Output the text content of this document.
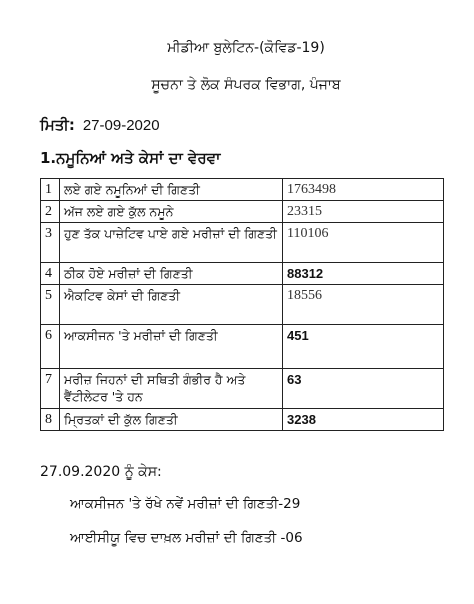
ਮੀਡੀਆ ਬੁਲੇਟਿਨ-(ਕੋਵਿਡ-19)
ਸੂਚਨਾ ਤੇ ਲੋਕ ਸੰਪਰਕ ਵਿਭਾਗ, ਪੰਜਾਬ
ਮਿਤੀ: 27-09-2020
1.ਨਮੂਨਿਆਂ ਅਤੇ ਕੇਸਾਂ ਦਾ ਵੇਰਵਾ
1	ਲਏ ਗਏ ਨਮੂਨਿਆਂ ਦੀ ਗਿਣਤੀ	1763498
2	ਅੱਜ ਲਏ ਗਏ ਕੁੱਲ ਨਮੂਨੇ	23315
3	ਹੁਣ ਤੱਕ ਪਾਜ਼ੇਟਿਵ ਪਾਏ ਗਏ ਮਰੀਜ਼ਾਂ ਦੀ ਗਿਣਤੀ	110106
4	ਠੀਕ ਹੋਏ ਮਰੀਜ਼ਾਂ ਦੀ ਗਿਣਤੀ	88312
5	ਐਕਟਿਵ ਕੇਸਾਂ ਦੀ ਗਿਣਤੀ	18556
6	ਆਕਸੀਜਨ 'ਤੇ ਮਰੀਜ਼ਾਂ ਦੀ ਗਿਣਤੀ	451
7	ਮਰੀਜ਼ ਜਿਹਨਾਂ ਦੀ ਸਥਿਤੀ ਗੰਭੀਰ ਹੈ ਅਤੇ ਵੈਂਟੀਲੇਟਰ 'ਤੇ ਹਨ	63
8	ਮ੍ਰਿਤਕਾਂ ਦੀ ਕੁੱਲ ਗਿਣਤੀ	3238
27.09.2020 ਨੂੰ ਕੇਸ:
ਆਕਸੀਜਨ 'ਤੇ ਰੱਖੇ ਨਵੇਂ ਮਰੀਜ਼ਾਂ ਦੀ ਗਿਣਤੀ-29
ਆਈਸੀਯੂ ਵਿਚ ਦਾਖ਼ਲ ਮਰੀਜ਼ਾਂ ਦੀ ਗਿਣਤੀ -06
